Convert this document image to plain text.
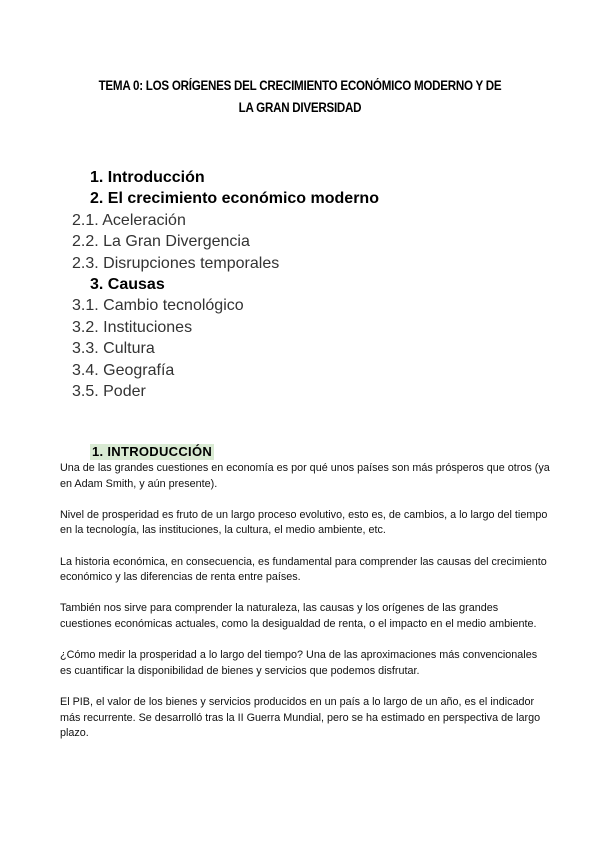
TEMA 0: LOS ORÍGENES DEL CRECIMIENTO ECONÓMICO MODERNO Y DE LA GRAN DIVERSIDAD
1. Introducción
2. El crecimiento económico moderno
2.1. Aceleración
2.2. La Gran Divergencia
2.3. Disrupciones temporales
3. Causas
3.1. Cambio tecnológico
3.2. Instituciones
3.3. Cultura
3.4. Geografía
3.5. Poder
1. INTRODUCCIÓN

Una de las grandes cuestiones en economía es por qué unos países son más prósperos que otros (ya en Adam Smith, y aún presente).

Nivel de prosperidad es fruto de un largo proceso evolutivo, esto es, de cambios, a lo largo del tiempo en la tecnología, las instituciones, la cultura, el medio ambiente, etc.

La historia económica, en consecuencia, es fundamental para comprender las causas del crecimiento económico y las diferencias de renta entre países.

También nos sirve para comprender la naturaleza, las causas y los orígenes de las grandes cuestiones económicas actuales, como la desigualdad de renta, o el impacto en el medio ambiente.

¿Cómo medir la prosperidad a lo largo del tiempo? Una de las aproximaciones más convencionales es cuantificar la disponibilidad de bienes y servicios que podemos disfrutar.

El PIB, el valor de los bienes y servicios producidos en un país a lo largo de un año, es el indicador más recurrente. Se desarrolló tras la II Guerra Mundial, pero se ha estimado en perspectiva de largo plazo.
